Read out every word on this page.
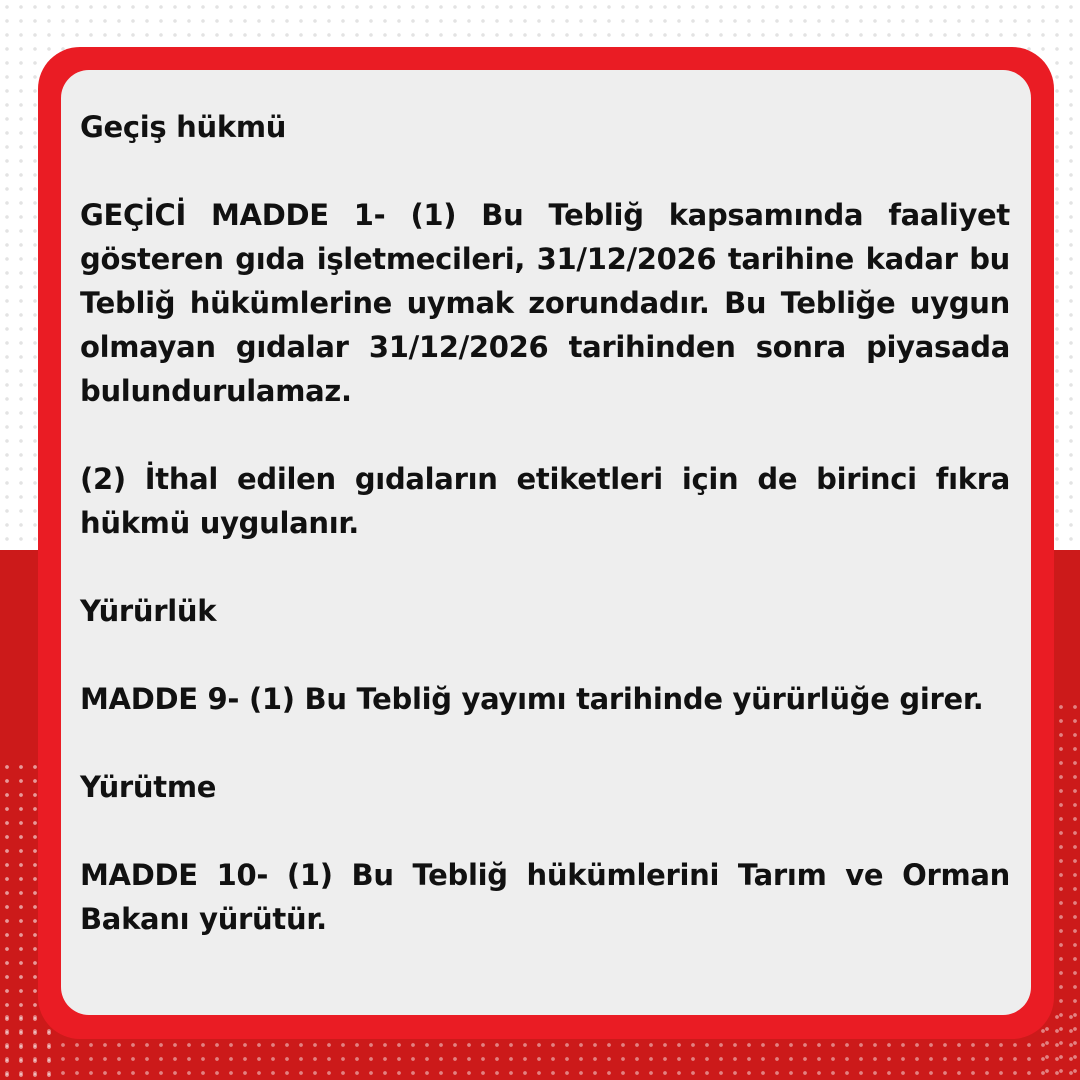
Geçiş hükmü

GEÇİCİ MADDE 1- (1) Bu Tebliğ kapsamında faaliyet gösteren gıda işletmecileri, 31/12/2026 tarihine kadar bu Tebliğ hükümlerine uymak zorundadır. Bu Tebliğe uygun olmayan gıdalar 31/12/2026 tarihinden sonra piyasada bulundurulamaz.

(2) İthal edilen gıdaların etiketleri için de birinci fıkra hükmü uygulanır.

Yürürlük

MADDE 9- (1) Bu Tebliğ yayımı tarihinde yürürlüğe girer.

Yürütme

MADDE 10- (1) Bu Tebliğ hükümlerini Tarım ve Orman Bakanı yürütür.
